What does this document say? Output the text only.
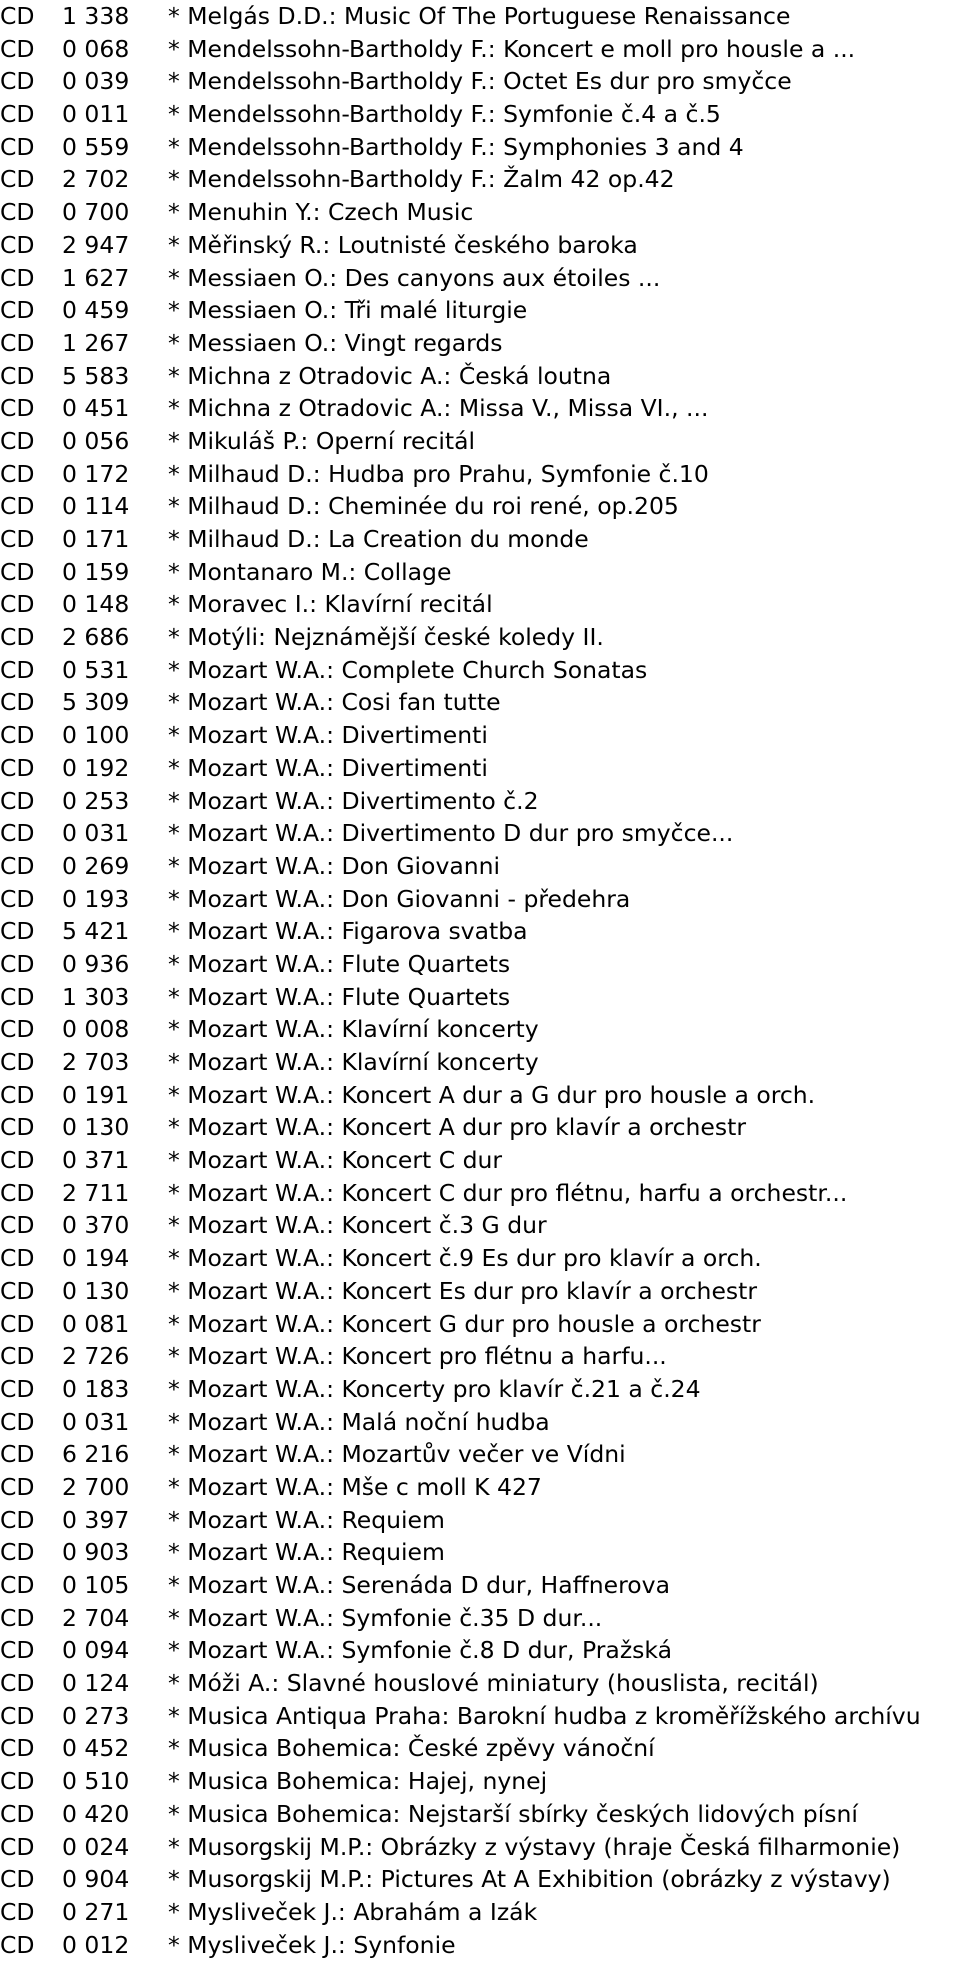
CD 1 338 * Melgás D.D.: Music Of The Portuguese Renaissance
CD 0 068 * Mendelssohn-Bartholdy F.: Koncert e moll pro housle a ...
CD 0 039 * Mendelssohn-Bartholdy F.: Octet Es dur pro smyčce
CD 0 011 * Mendelssohn-Bartholdy F.: Symfonie č.4 a č.5
CD 0 559 * Mendelssohn-Bartholdy F.: Symphonies 3 and 4
CD 2 702 * Mendelssohn-Bartholdy F.: Žalm 42 op.42
CD 0 700 * Menuhin Y.: Czech Music
CD 2 947 * Měřinský R.: Loutnisté českého baroka
CD 1 627 * Messiaen O.: Des canyons aux étoiles ...
CD 0 459 * Messiaen O.: Tři malé liturgie
CD 1 267 * Messiaen O.: Vingt regards
CD 5 583 * Michna z Otradovic A.: Česká loutna
CD 0 451 * Michna z Otradovic A.: Missa V., Missa VI., ...
CD 0 056 * Mikuláš P.: Operní recitál
CD 0 172 * Milhaud D.: Hudba pro Prahu, Symfonie č.10
CD 0 114 * Milhaud D.: Cheminée du roi rené, op.205
CD 0 171 * Milhaud D.: La Creation du monde
CD 0 159 * Montanaro M.: Collage
CD 0 148 * Moravec I.: Klavírní recitál
CD 2 686 * Motýli: Nejznámější české koledy II.
CD 0 531 * Mozart W.A.: Complete Church Sonatas
CD 5 309 * Mozart W.A.: Cosi fan tutte
CD 0 100 * Mozart W.A.: Divertimenti
CD 0 192 * Mozart W.A.: Divertimenti
CD 0 253 * Mozart W.A.: Divertimento č.2
CD 0 031 * Mozart W.A.: Divertimento D dur pro smyčce...
CD 0 269 * Mozart W.A.: Don Giovanni
CD 0 193 * Mozart W.A.: Don Giovanni - předehra
CD 5 421 * Mozart W.A.: Figarova svatba
CD 0 936 * Mozart W.A.: Flute Quartets
CD 1 303 * Mozart W.A.: Flute Quartets
CD 0 008 * Mozart W.A.: Klavírní koncerty
CD 2 703 * Mozart W.A.: Klavírní koncerty
CD 0 191 * Mozart W.A.: Koncert A dur a G dur pro housle a orch.
CD 0 130 * Mozart W.A.: Koncert A dur pro klavír a orchestr
CD 0 371 * Mozart W.A.: Koncert C dur
CD 2 711 * Mozart W.A.: Koncert C dur pro flétnu, harfu a orchestr...
CD 0 370 * Mozart W.A.: Koncert č.3 G dur
CD 0 194 * Mozart W.A.: Koncert č.9 Es dur pro klavír a orch.
CD 0 130 * Mozart W.A.: Koncert Es dur pro klavír a orchestr
CD 0 081 * Mozart W.A.: Koncert G dur pro housle a orchestr
CD 2 726 * Mozart W.A.: Koncert pro flétnu a harfu...
CD 0 183 * Mozart W.A.: Koncerty pro klavír č.21 a č.24
CD 0 031 * Mozart W.A.: Malá noční hudba
CD 6 216 * Mozart W.A.: Mozartův večer ve Vídni
CD 2 700 * Mozart W.A.: Mše c moll K 427
CD 0 397 * Mozart W.A.: Requiem
CD 0 903 * Mozart W.A.: Requiem
CD 0 105 * Mozart W.A.: Serenáda D dur, Haffnerova
CD 2 704 * Mozart W.A.: Symfonie č.35 D dur...
CD 0 094 * Mozart W.A.: Symfonie č.8 D dur, Pražská
CD 0 124 * Móži A.: Slavné houslové miniatury (houslista, recitál)
CD 0 273 * Musica Antiqua Praha: Barokní hudba z kroměřížského archívu
CD 0 452 * Musica Bohemica: České zpěvy vánoční
CD 0 510 * Musica Bohemica: Hajej, nynej
CD 0 420 * Musica Bohemica: Nejstarší sbírky českých lidových písní
CD 0 024 * Musorgskij M.P.: Obrázky z výstavy (hraje Česká filharmonie)
CD 0 904 * Musorgskij M.P.: Pictures At A Exhibition (obrázky z výstavy)
CD 0 271 * Mysliveček J.: Abrahám a Izák
CD 0 012 * Mysliveček J.: Synfonie
